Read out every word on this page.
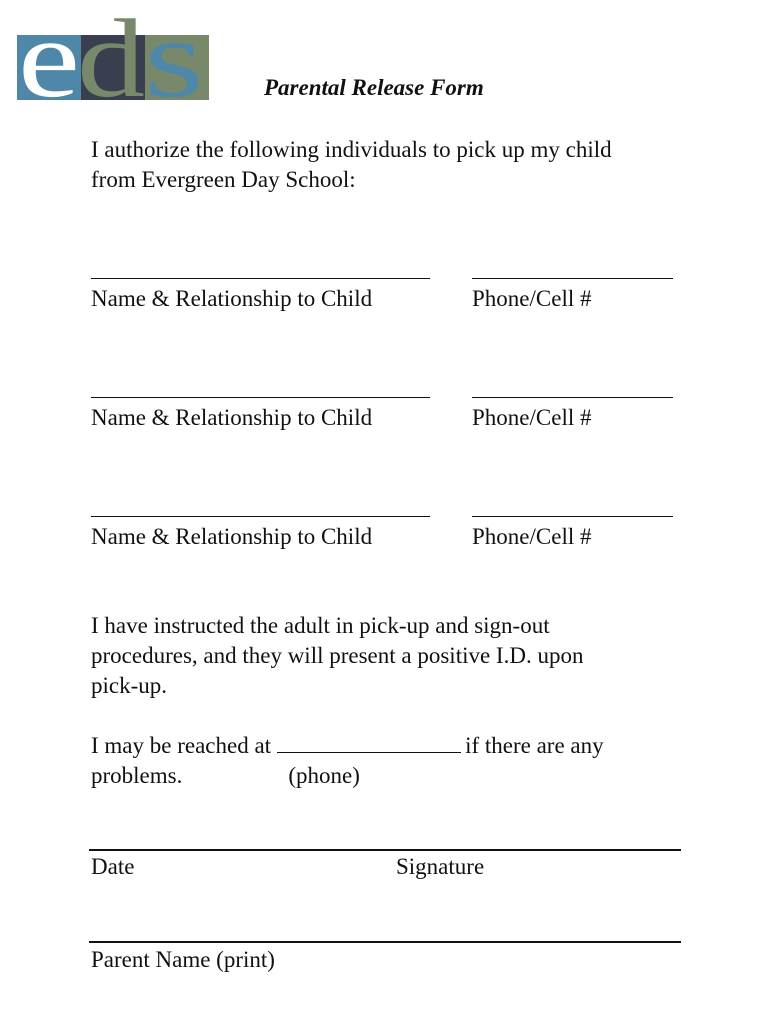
e
d s	Parental Release Form
I authorize the following individuals to pick up my child
from Evergreen Day School:
Name & Relationship to Child	Phone/Cell #
Name & Relationship to Child	Phone/Cell #
Name & Relationship to Child	Phone/Cell #
I have instructed the adult in pick-up and sign-out
procedures, and they will present a positive I.D. upon
pick-up.
I may be reached at	if there are any
problems.	(phone)
Date	Signature
Parent Name (print)
